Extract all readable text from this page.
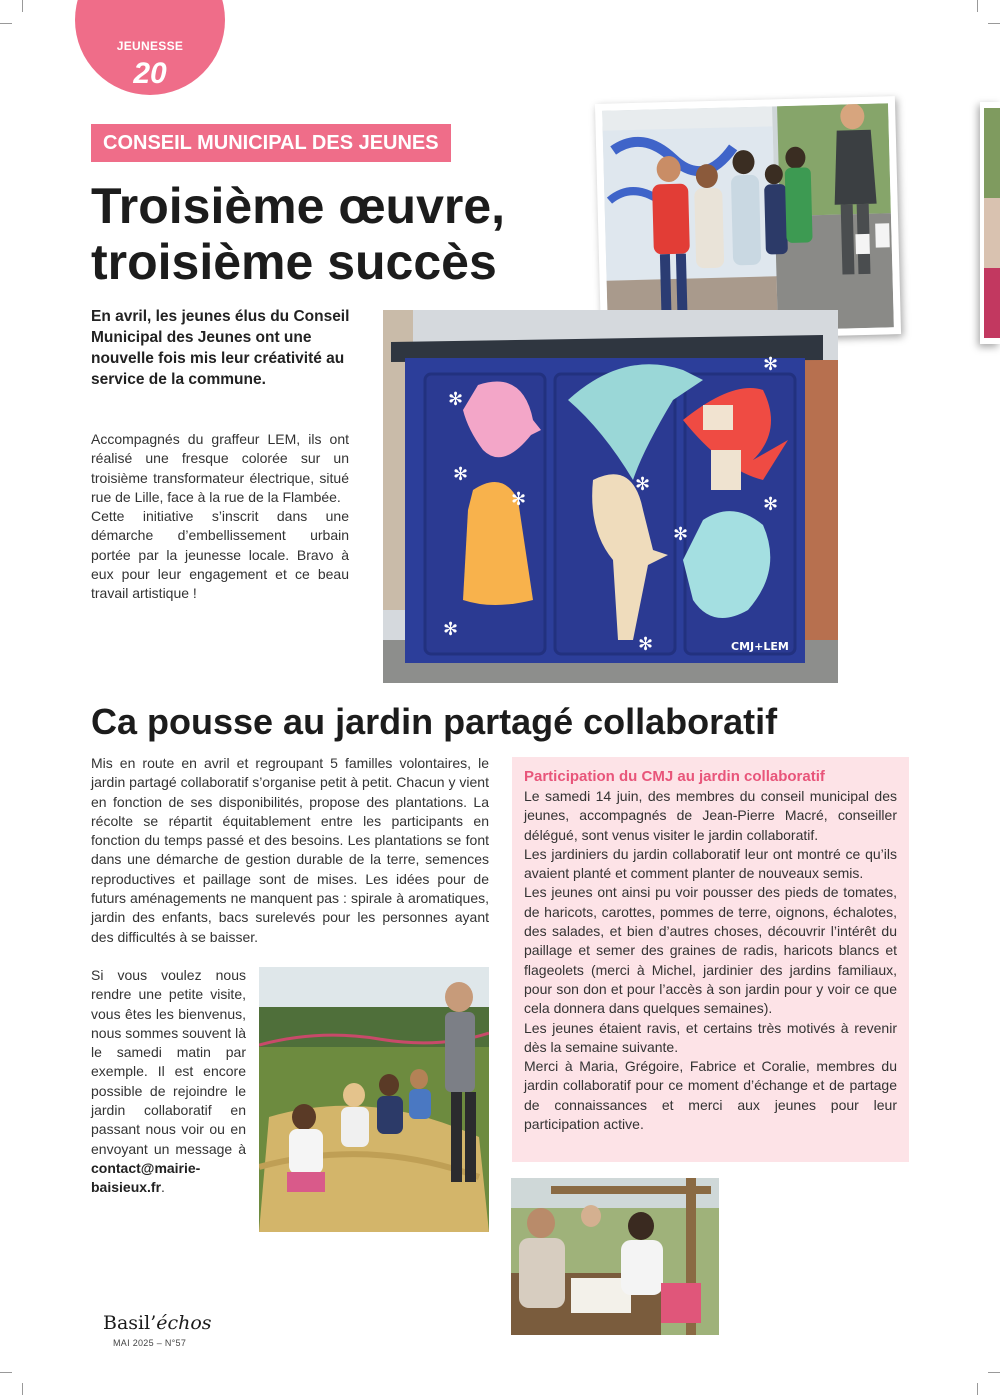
JEUNESSE
20
CONSEIL MUNICIPAL DES JEUNES
Troisième œuvre, troisième succès

En avril, les jeunes élus du Conseil Municipal des Jeunes ont une nouvelle fois mis leur créativité au service de la commune.

Accompagnés du graffeur LEM, ils ont réalisé une fresque colorée sur un troisième transformateur électrique, situé rue de Lille, face à la rue de la Flambée.

Cette initiative s’inscrit dans une démarche d’embellissement urbain portée par la jeunesse locale. Bravo à eux pour leur engagement et ce beau travail artistique !

✻
✻
✻
✻
✻
✻
✻
✻
✻	CMJ+LEM
Ca pousse au jardin partagé collaboratif

Mis en route en avril et regroupant 5 familles volontaires, le jardin partagé collaboratif s’organise petit à petit. Chacun y vient en fonction de ses disponibilités, propose des plantations. La récolte se répartit équitablement entre les participants en fonction du temps passé et des besoins. Les plantations se font dans une démarche de gestion durable de la terre, semences reproductives et paillage sont de mises. Les idées pour de futurs aménagements ne manquent pas : spirale à aromatiques, jardin des enfants, bacs surelevés pour les personnes ayant des difficultés à se baisser.

Si vous voulez nous rendre une petite visite, vous êtes les bienvenus, nous sommes souvent là le samedi matin par exemple. Il est encore possible de rejoindre le jardin collaboratif en passant nous voir ou en envoyant un message à contact@mairie-baisieux.fr.

Participation du CMJ au jardin collaboratif

Le samedi 14 juin, des membres du conseil municipal des jeunes, accompagnés de Jean-Pierre Macré, conseiller délégué, sont venus visiter le jardin collaboratif.

Les jardiniers du jardin collaboratif leur ont montré ce qu’ils avaient planté et comment planter de nouveaux semis.

Les jeunes ont ainsi pu voir pousser des pieds de tomates, de haricots, carottes, pommes de terre, oignons, échalotes, des salades, et bien d’autres choses, découvrir l’intérêt du paillage et semer des graines de radis, haricots blancs et flageolets (merci à Michel, jardinier des jardins familiaux, pour son don et pour l’accès à son jardin pour y voir ce que cela donnera dans quelques semaines).

Les jeunes étaient ravis, et certains très motivés à revenir dès la semaine suivante.

Merci à Maria, Grégoire, Fabrice et Coralie, membres du jardin collaboratif pour ce moment d’échange et de partage de connaissances et merci aux jeunes pour leur participation active.

Basil’échos
MAI 2025 – N°57
